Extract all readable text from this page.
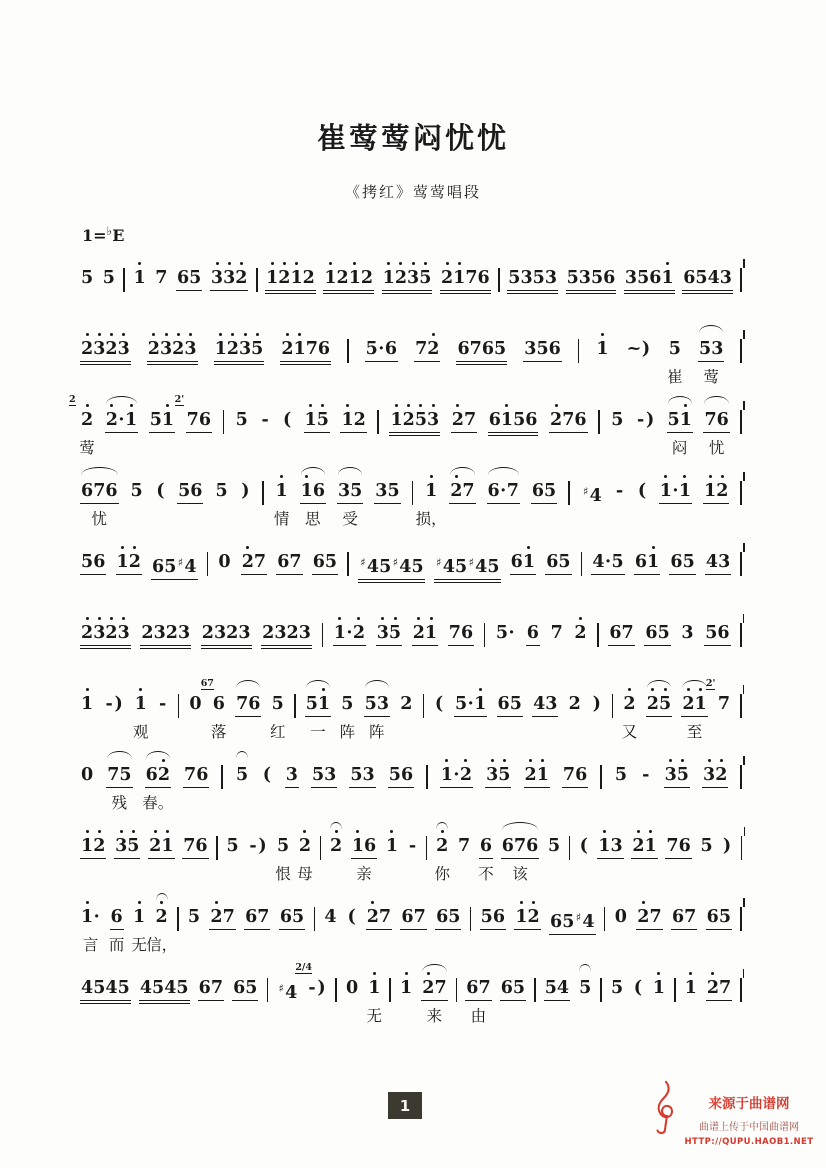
崔莺莺闷忧忧
《拷红》莺莺唱段
1=♭E
5 5 1 7 65 3
3
2 1
2
1
2 1
21
2 1
2
3
5 2
1
76 5353 5356 3561 6543
2
3
2
3 2
3
2
3 1
2
3
5 2
1
76 5·6 72 6765 356 1 ~) 5
崔
53
莺
2
2
莺
2
·1 51
2'
76 5 - ( 1
5 1
2 1
2
5
3 2
7 61
56 2
76 5 -) 51
闷
76
忧
676
忧
5 ( 56 5 ) 1
情
1
6
思
35
受
35 1
损，
2
7 6·7 65 ♯4 - ( 1
·1 1
2
56 1
2 65♯4 0 2
7 67 65 ♯45♯45 ♯45♯45 61 65 4·5 61 65 43
2
3
2
3 2323 2323 2323 1
·2 3
5 2
1 76 5· 6 7 2 67 65 3 56
1 -) 1
观
- 0
67
6
落
76 5
红
51
一
5
阵
53
阵
2 ( 5·1 65 43 2 ) 2
又
2
5 2
1
至
2'
7
0 75
残
62
春。
76 5 ( 3 53 53 56 1
·2 3
5 2
1 76 5 - 3
5 3
2
1
2 3
5 2
1 76 5 -) 5
恨
2
母
2 1
6
亲
1 - 2
你
7 6
不
676
该
5 ( 1
3 2
1 76 5 )
1
·
言
6
而
1
无
2
信，
5 2
7 67 65 4 ( 2
7 67 65 56 1
2 65♯4 0 2
7 67 65
4545 4545 67 65 ♯4
2/4
-) 0 1
无
1 2
7
来
67
由
65 54 5 5 ( 1 1 2
7
1	来源于曲谱网
曲谱上传于中国曲谱网
HTTP://QUPU.HAOB1.NET
